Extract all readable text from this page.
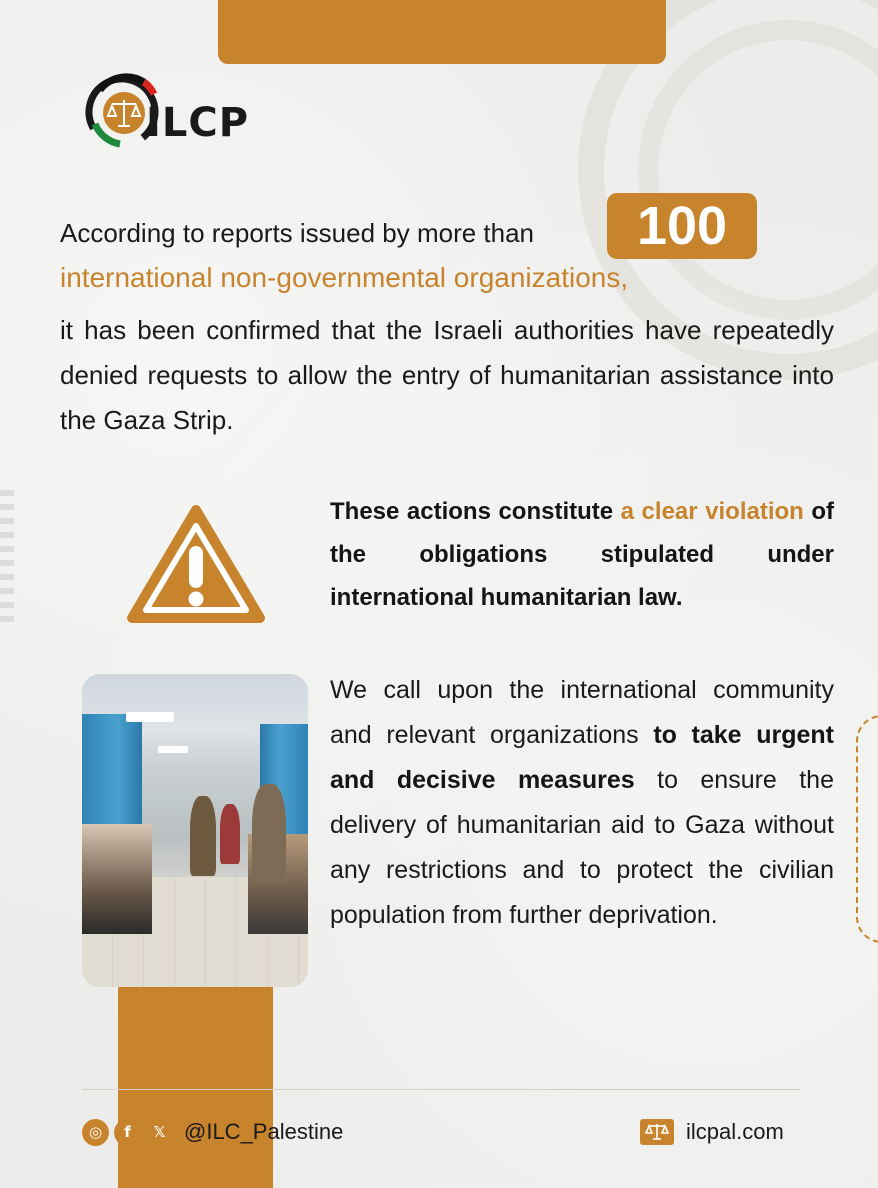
ILCP
According to reports issued by more than	100
international non-governmental organizations,
it has been confirmed that the Israeli authorities have repeatedly denied requests to allow the entry of humanitarian assistance into the Gaza Strip.
These actions constitute a clear violation of the obligations stipulated under international humanitarian law.
We call upon the international community and relevant organizations to take urgent and decisive measures to ensure the delivery of humanitarian aid to Gaza without any restrictions and to protect the civilian population from further deprivation.
◎	f	𝕏 @ILC_Palestine	ilcpal.com
